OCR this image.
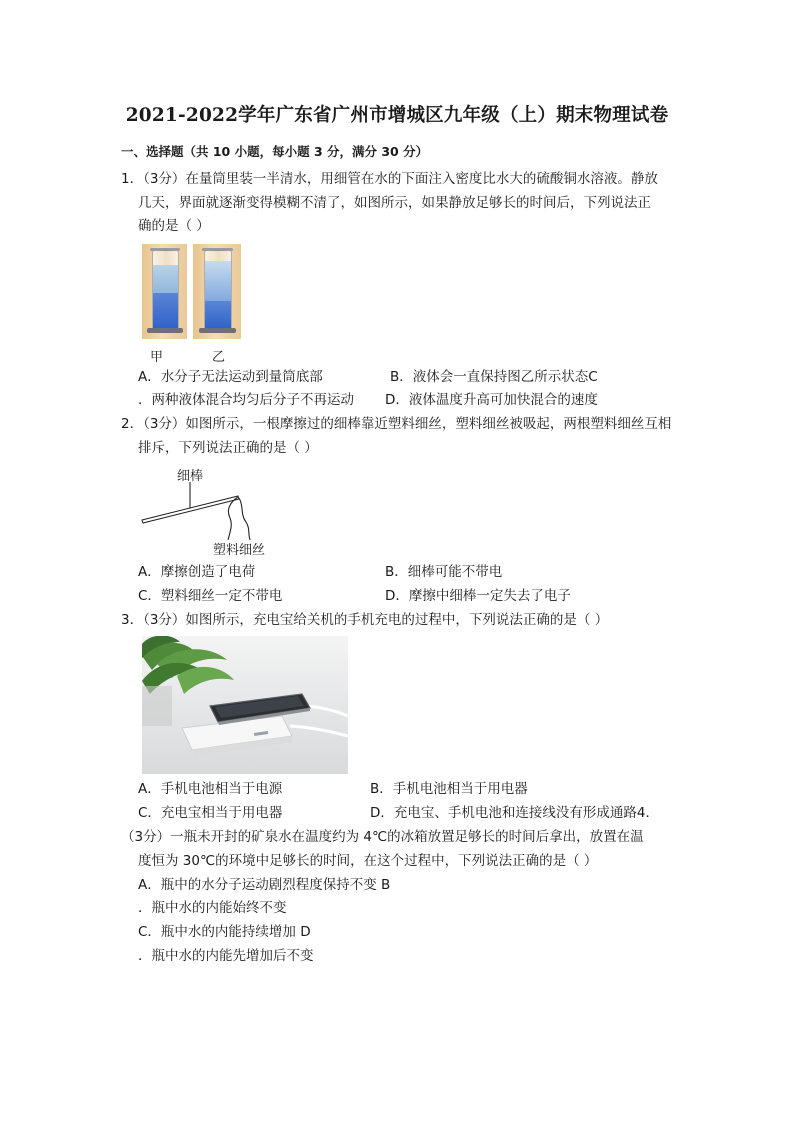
2021-2022学年广东省广州市增城区九年级（上）期末物理试卷
一、选择题（共 10 小题，每小题 3 分，满分 30 分）
1．（3分）在量筒里装一半清水，用细管在水的下面注入密度比水大的硫酸铜水溶液。静放
几天，界面就逐渐变得模糊不清了，如图所示，如果静放足够长的时间后，下列说法正
确的是（ ）
甲	乙
A．水分子无法运动到量筒底部	B．液体会一直保持图乙所示状态C
．两种液体混合均匀后分子不再运动 D．液体温度升高可加快混合的速度
2．（3分）如图所示，一根摩擦过的细棒靠近塑料细丝，塑料细丝被吸起，两根塑料细丝互相
排斥，下列说法正确的是（ ）
细棒
塑料细丝
A．摩擦创造了电荷	B．细棒可能不带电
C．塑料细丝一定不带电	D．摩擦中细棒一定失去了电子
3．（3分）如图所示，充电宝给关机的手机充电的过程中，下列说法正确的是（ ）
A．手机电池相当于电源	B．手机电池相当于用电器
C．充电宝相当于用电器	D．充电宝、手机电池和连接线没有形成通路4．
（3分）一瓶未开封的矿泉水在温度约为 4℃的冰箱放置足够长的时间后拿出，放置在温
度恒为 30℃的环境中足够长的时间，在这个过程中，下列说法正确的是（ ）
A．瓶中的水分子运动剧烈程度保持不变 B
．瓶中水的内能始终不变
C．瓶中水的内能持续增加 D
．瓶中水的内能先增加后不变
